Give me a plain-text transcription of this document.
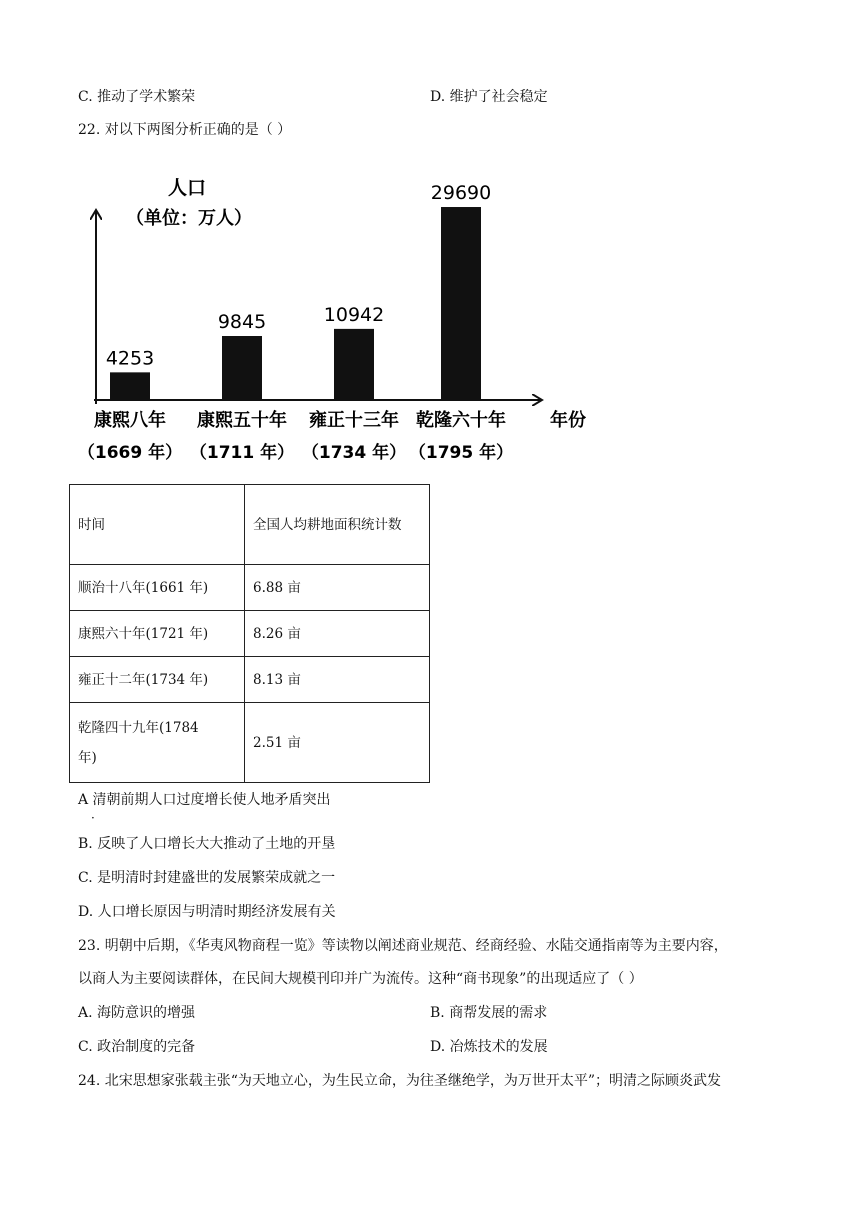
C. 推动了学术繁荣	D. 维护了社会稳定
22. 对以下两图分析正确的是（ ）
人口
（单位：万人）
年份
4253
康熙八年
（1669 年）
9845
康熙五十年
（1711 年）
10942
雍正十三年
（1734 年）
29690
乾隆六十年
（1795 年）
时间	全国人均耕地面积统计数

顺治十八年(1661 年)	6.88 亩
康熙六十年(1721 年)	8.26 亩
雍正十二年(1734 年)	8.13 亩

乾隆四十九年(1784 年)	2.51 亩
A 清朝前期人口过度增长使人地矛盾突出
·
B. 反映了人口增长大大推动了土地的开垦
C. 是明清时封建盛世的发展繁荣成就之一
D. 人口增长原因与明清时期经济发展有关
23. 明朝中后期，《华夷风物商程一览》等读物以阐述商业规范、经商经验、水陆交通指南等为主要内容，
以商人为主要阅读群体，在民间大规模刊印并广为流传。这种“商书现象”的出现适应了（ ）
A. 海防意识的增强	B. 商帮发展的需求
C. 政治制度的完备	D. 冶炼技术的发展
24. 北宋思想家张载主张“为天地立心，为生民立命，为往圣继绝学，为万世开太平”；明清之际顾炎武发
